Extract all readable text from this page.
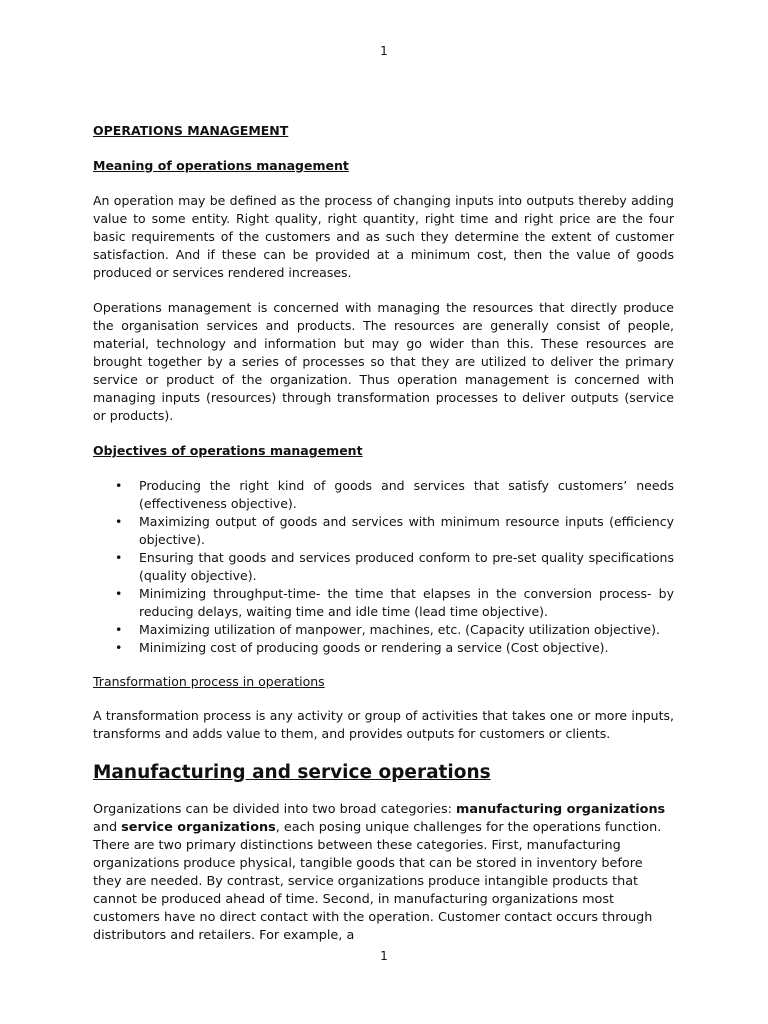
1

OPERATIONS MANAGEMENT

Meaning of operations management

An operation may be defined as the process of changing inputs into outputs thereby adding value to some entity. Right quality, right quantity, right time and right price are the four basic requirements of the customers and as such they determine the extent of customer satisfaction. And if these can be provided at a minimum cost, then the value of goods produced or services rendered increases.

Operations management is concerned with managing the resources that directly produce the organisation services and products. The resources are generally consist of people, material, technology and information but may go wider than this. These resources are brought together by a series of processes so that they are utilized to deliver the primary service or product of the organization. Thus operation management is concerned with managing inputs (resources) through transformation processes to deliver outputs (service or products).

Objectives of operations management

• Producing the right kind of goods and services that satisfy customers’ needs (effectiveness objective).
• Maximizing output of goods and services with minimum resource inputs (efficiency objective).
• Ensuring that goods and services produced conform to pre-set quality specifications (quality objective).
• Minimizing throughput-time- the time that elapses in the conversion process- by reducing delays, waiting time and idle time (lead time objective).
• Maximizing utilization of manpower, machines, etc. (Capacity utilization objective).
• Minimizing cost of producing goods or rendering a service (Cost objective).

Transformation process in operations

A transformation process is any activity or group of activities that takes one or more inputs, transforms and adds value to them, and provides outputs for customers or clients.

Manufacturing and service operations

Organizations can be divided into two broad categories: manufacturing organizations and service organizations, each posing unique challenges for the operations function. There are two primary distinctions between these categories. First, manufacturing organizations produce physical, tangible goods that can be stored in inventory before they are needed. By contrast, service organizations produce intangible products that cannot be produced ahead of time. Second, in manufacturing organizations most customers have no direct contact with the operation. Customer contact occurs through distributors and retailers. For example, a

1
